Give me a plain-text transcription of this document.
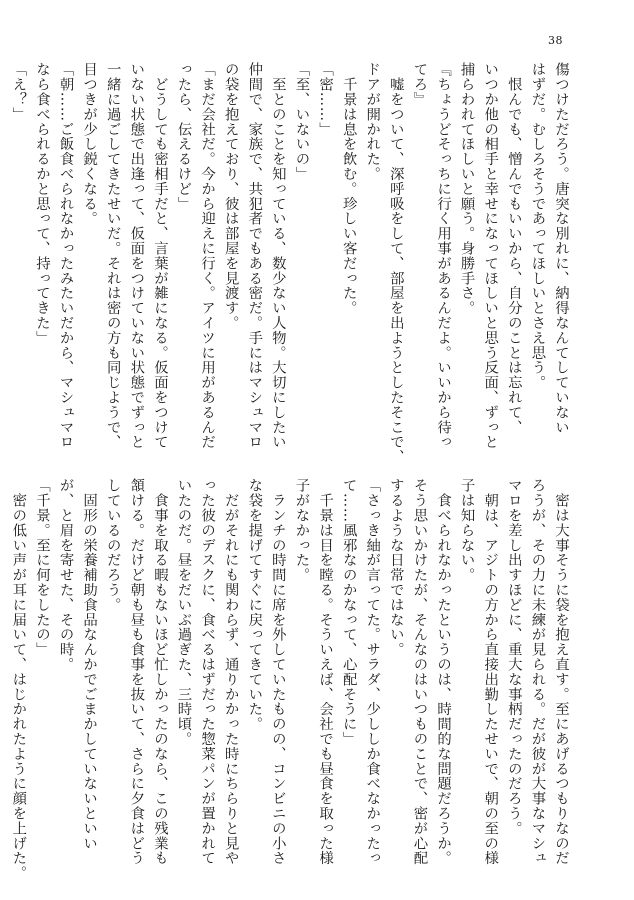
38

傷つけただろう。唐突な別れに、納得なんてしていない

はずだ。むしろそうであってほしいとさえ思う。

　恨んでも、憎んでもいいから、自分のことは忘れて、

いつか他の相手と幸せになってほしいと思う反面、ずっと

捕らわれてほしいと願う。身勝手さ。

『ちょうどそっちに行く用事があるんだよ。いいから待っ

てろ』

　嘘をついて、深呼吸をして、部屋を出ようとしたそこで、

ドアが開かれた。

　千景は息を飲む。珍しい客だった。

「密……」

「至、いないの」

　至とのことを知っている、数少ない人物。大切にしたい

仲間で、家族で、共犯者でもある密だ。手にはマシュマロ

の袋を抱えており、彼は部屋を見渡す。

「まだ会社だ。今から迎えに行く。アイツに用があるんだ

ったら、伝えるけど」

　どうしても密相手だと、言葉が雑になる。仮面をつけて

いない状態で出逢って、仮面をつけていない状態でずっと

一緒に過ごしてきたせいだ。それは密の方も同じようで、

目つきが少し鋭くなる。

「朝……ご飯食べられなかったみたいだから、マシュマロ

なら食べられるかと思って、持ってきた」

「え？」

　密は大事そうに袋を抱え直す。至にあげるつもりなのだ

ろうが、その力に未練が見られる。だが彼が大事なマシュ

マロを差し出すほどに、重大な事柄だったのだろう。

　朝は、アジトの方から直接出勤したせいで、朝の至の様

子は知らない。

　食べられなかったというのは、時間的な問題だろうか。

そう思いかけたが、そんなのはいつものことで、密が心配

するような日常ではない。

「さっき紬が言ってた。サラダ、少ししか食べなかったっ

て……風邪なのかなって、心配そうに」

　千景は目を瞠る。そういえば、会社でも昼食を取った様

子がなかった。

　ランチの時間に席を外していたものの、コンビニの小さ

な袋を提げてすぐに戻ってきていた。

　だがそれにも関わらず、通りかかった時にちらりと見や

った彼のデスクに、食べるはずだった惣菜パンが置かれて

いたのだ。昼をだいぶ過ぎた、三時頃。

　食事を取る暇もないほど忙しかったのなら、この残業も

頷ける。だけど朝も昼も食事を抜いて、さらに夕食はどう

しているのだろう。

　固形の栄養補助食品なんかでごまかしていないといい

が、と眉を寄せた、その時。

「千景。至に何をしたの」

　密の低い声が耳に届いて、はじかれたように顔を上げた。
